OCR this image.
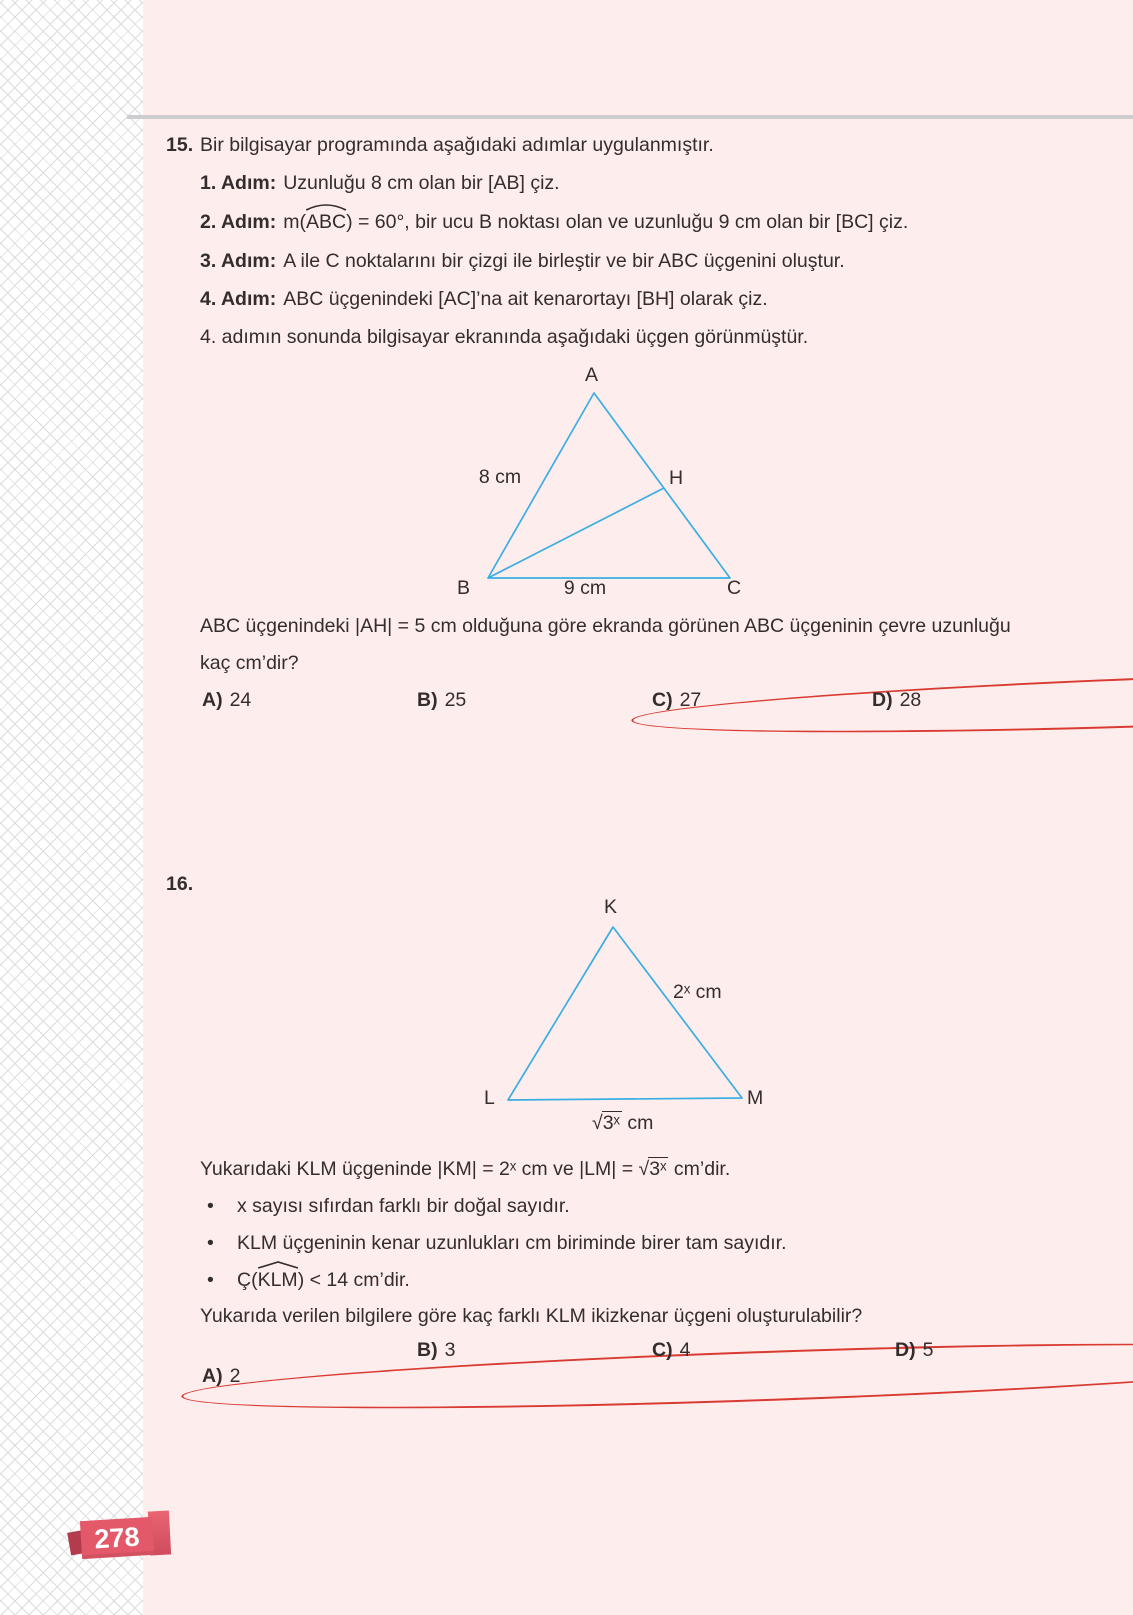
15. Bir bilgisayar programında aşağıdaki adımlar uygulanmıştır.
1. Adım: Uzunluğu 8 cm olan bir [AB] çiz.
2. Adım: m(
ABC) = 60°, bir ucu B noktası olan ve uzunluğu 9 cm olan bir [BC] çiz.
3. Adım: A ile C noktalarını bir çizgi ile birleştir ve bir ABC üçgenini oluştur.
4. Adım: ABC üçgenindeki [AC]’na ait kenarortayı [BH] olarak çiz.
4. adımın sonunda bilgisayar ekranında aşağıdaki üçgen görünmüştür.
A
8 cm	H
B	9 cm	C
ABC üçgenindeki |AH| = 5 cm olduğuna göre ekranda görünen ABC üçgeninin çevre uzunluğu
kaç cm’dir?
A) 24	B) 25	C) 27	D) 28
16.
K
2ˣ cm
L	M
√3ˣ cm
Yukarıdaki KLM üçgeninde |KM| = 2ˣ cm ve |LM| = √3ˣ cm’dir.
• x sayısı sıfırdan farklı bir doğal sayıdır.
• KLM üçgeninin kenar uzunlukları cm biriminde birer tam sayıdır.
• Ç(
KLM) < 14 cm’dir.
Yukarıda verilen bilgilere göre kaç farklı KLM ikizkenar üçgeni oluşturulabilir?
A) 2
B) 3	C) 4	D) 5
278
